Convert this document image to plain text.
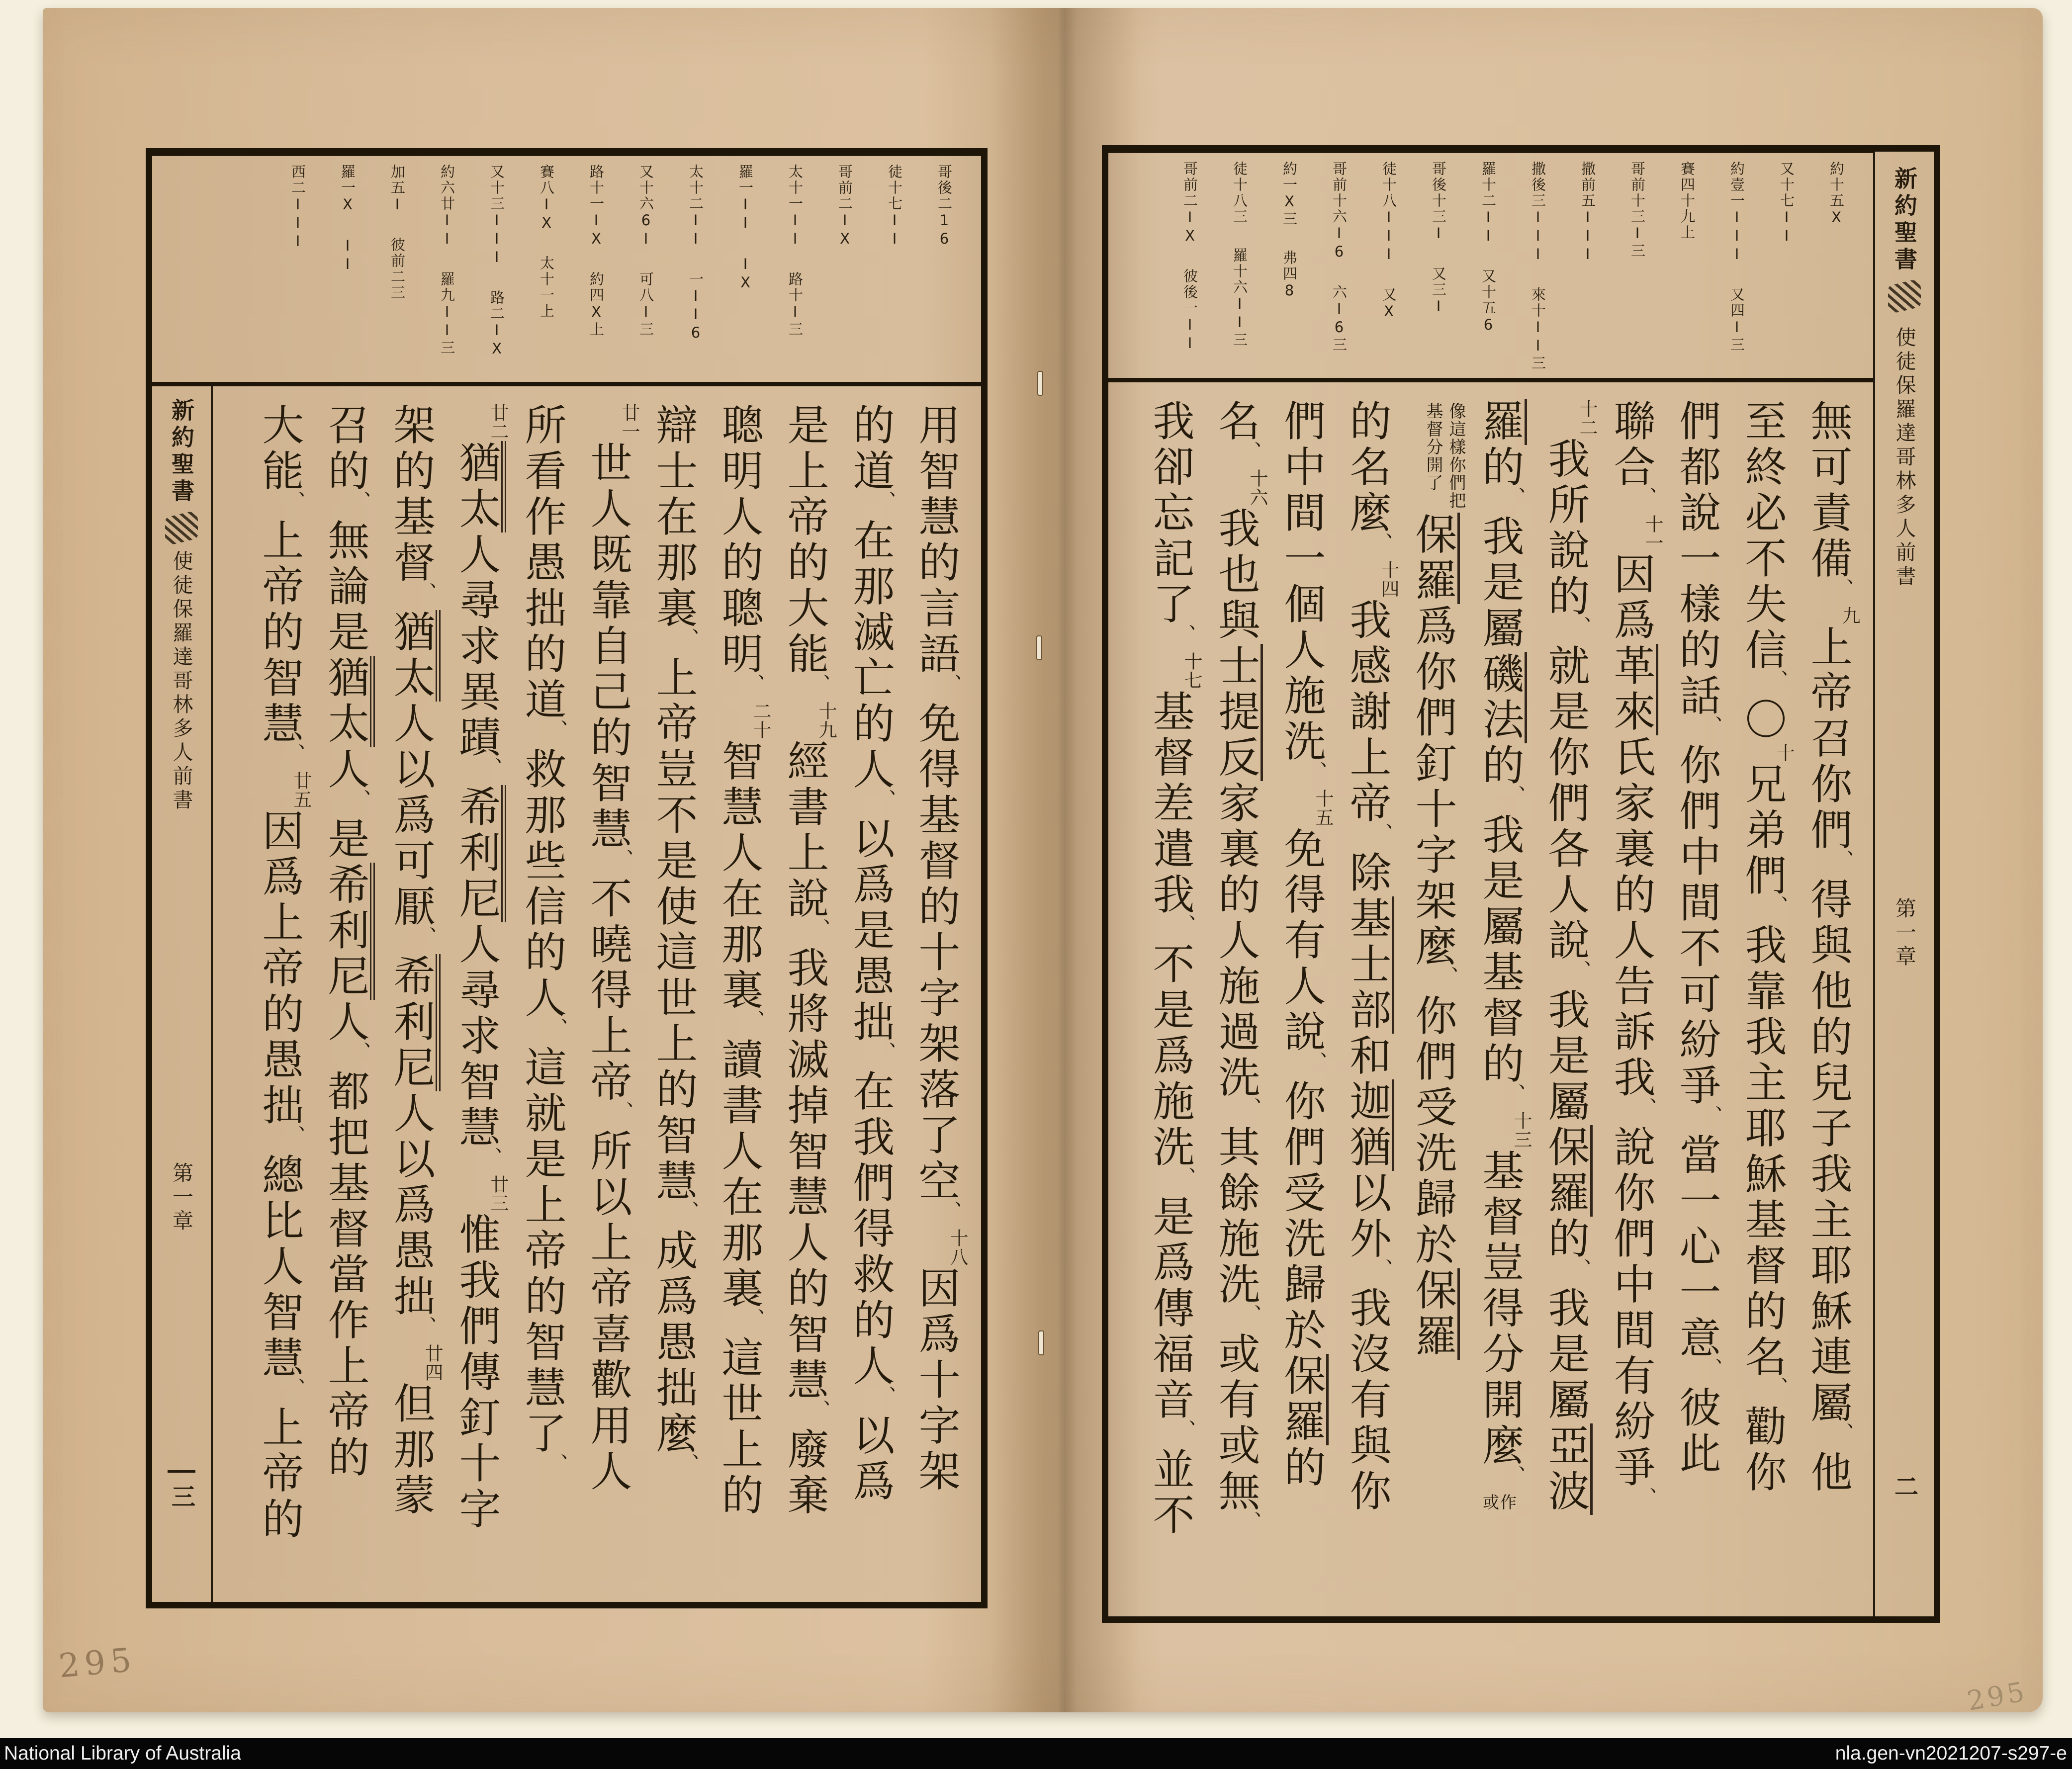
約十五X
又十七II
約壹一III又四I三
賽四十九上
哥前十三I三
撒前五III
撒後三III來十II三
羅十二II又十五6
哥後十三I又三I
徒十八III又X
哥前十六I6六I6三
約一X三弗四8
徒十八三羅十六II三
哥前二IX彼後一II
無可責備、九上帝召你們、得與他的兒子我主耶穌連屬、他
至終必不失信、〇十兄弟們、我靠我主耶穌基督的名、勸你
們都說一樣的話、你們中間不可紛爭、當一心一意、彼此
聯合、十一因爲革來氏家裏的人告訴我、說你們中間有紛爭、
十二我所說的、就是你們各人說、我是屬保羅的、我是屬亞波
羅的、我是屬磯法的、我是屬基督的、十三基督豈得分開麼、或作
像這樣你們把
基督分開了
保羅爲你們釘十字架麼、你們受洗歸於保羅
的名麼、十四我感謝上帝、除基士部和迦猶以外、我沒有與你
們中間一個人施洗、十五免得有人說、你們受洗歸於保羅的
名、十六我也與士提反家裏的人施過洗、其餘施洗、或有或無、
我卻忘記了、十七基督差遣我、不是爲施洗、是爲傳福音、並不
新約聖書
使徒保羅達哥林多人前書
第一章
二
哥後二16
徒十七II
哥前二IX
太十一II路十I三
羅一IIIX
太十二II一II6
又十六6I可八I三
路十一IX約四X上
賽八IX太十一上
又十三III路二IX
約六廿II羅九II三
加五I彼前二三
羅一XII
西二III
新約聖書
使徒保羅達哥林多人前書
第一章
三
用智慧的言語、免得基督的十字架落了空、十八因爲十字架
的道、在那滅亡的人、以爲是愚拙、在我們得救的人、以爲
是上帝的大能、十九經書上說、我將滅掉智慧人的智慧、廢棄
聰明人的聰明、二十智慧人在那裏、讀書人在那裏、這世上的
辯士在那裏、上帝豈不是使這世上的智慧、成爲愚拙麼、
廿一世人既靠自己的智慧、不曉得上帝、所以上帝喜歡用人
所看作愚拙的道、救那些信的人、這就是上帝的智慧了、
廿二猶太人尋求異蹟、希利尼人尋求智慧、廿三惟我們傳釘十字
架的基督、猶太人以爲可厭、希利尼人以爲愚拙、廿四但那蒙
召的、無論是猶太人、是希利尼人、都把基督當作上帝的
大能、上帝的智慧、廿五因爲上帝的愚拙、總比人智慧、上帝的
295
295
National Library of Australia	nla.gen-vn2021207-s297-e
